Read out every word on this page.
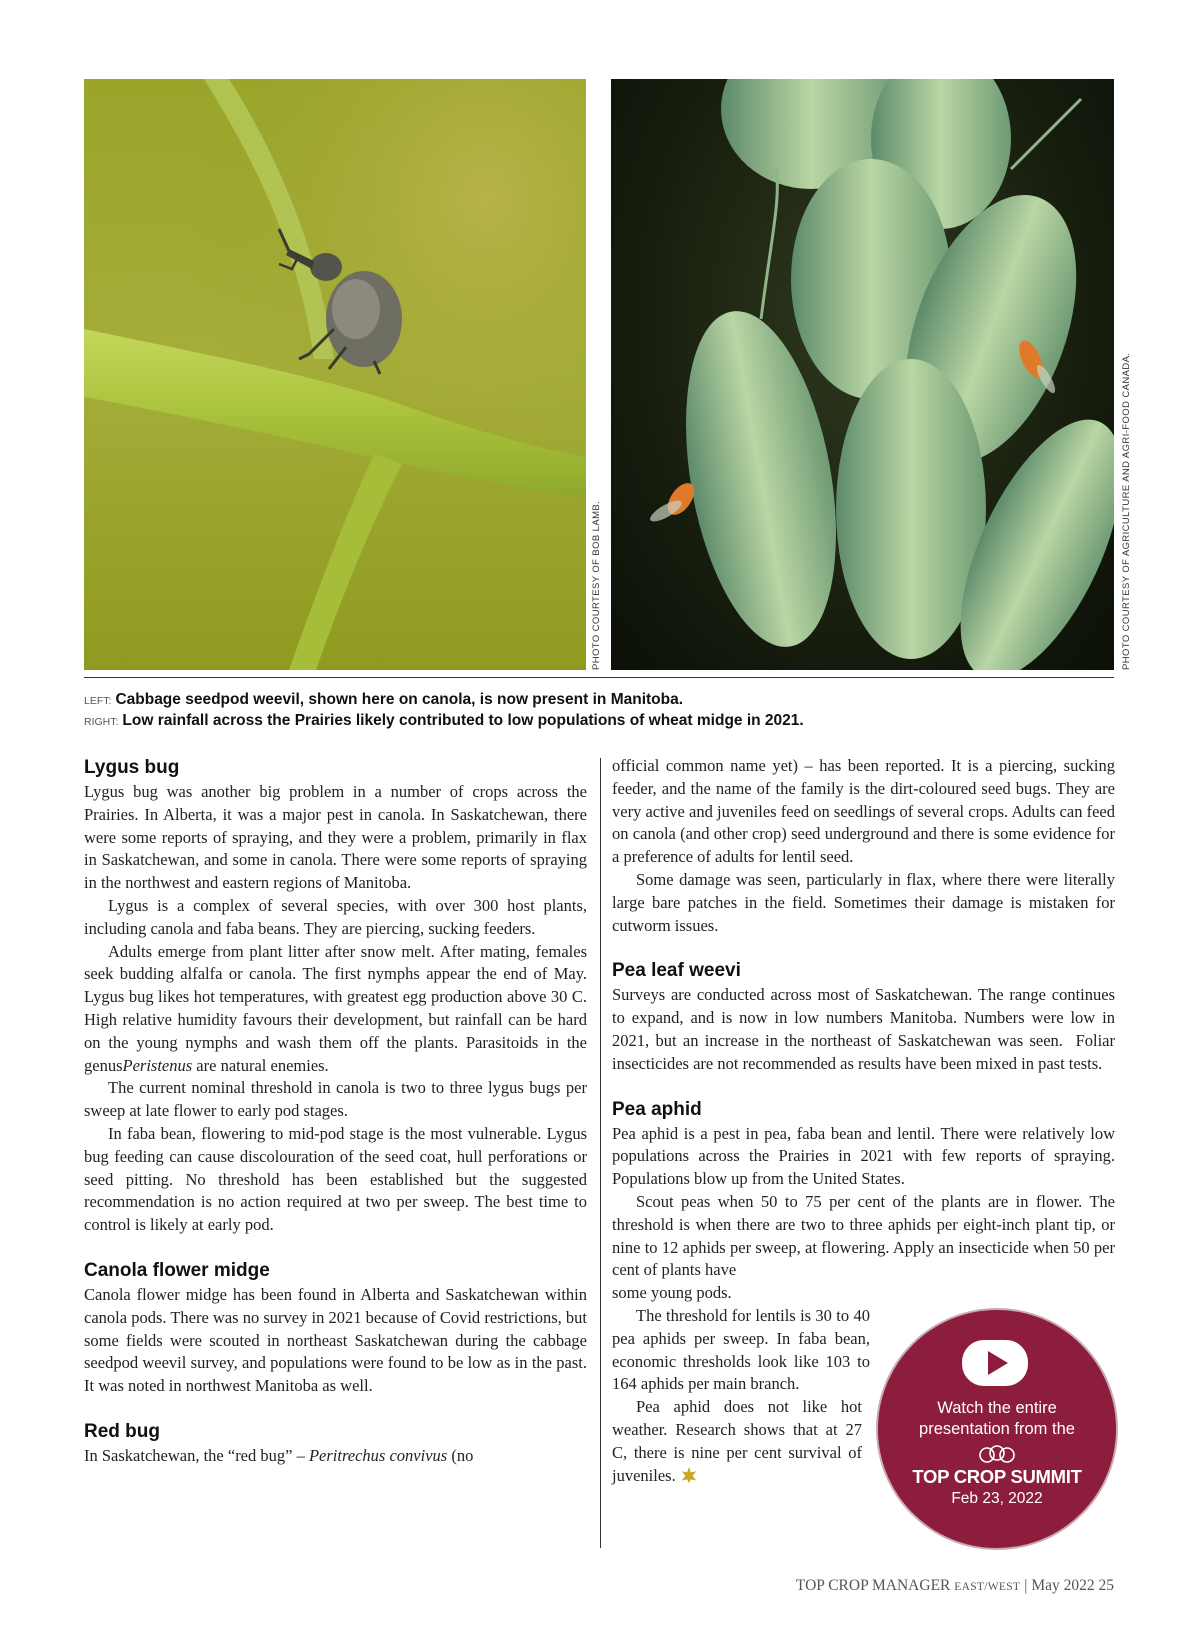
PHOTO COURTESY OF BOB LAMB.	PHOTO COURTESY OF AGRICULTURE AND AGRI-FOOD CANADA.
LEFT: Cabbage seedpod weevil, shown here on canola, is now present in Manitoba.
RIGHT: Low rainfall across the Prairies likely contributed to low populations of wheat midge in 2021.
Lygus bug

Lygus bug was another big problem in a number of crops across the Prairies. In Alberta, it was a major pest in canola. In Saskatchewan, there were some reports of spraying, and they were a problem, primarily in flax in Saskatchewan, and some in canola. There were some reports of spraying in the northwest and eastern regions of Manitoba.

Lygus is a complex of several species, with over 300 host plants, including canola and faba beans. They are piercing, sucking feeders.

Adults emerge from plant litter after snow melt. After mating, females seek budding alfalfa or canola. The first nymphs appear the end of May. Lygus bug likes hot temperatures, with greatest egg production above 30 C. High relative humidity favours their development, but rainfall can be hard on the young nymphs and wash them off the plants. Parasitoids in the genusPeristenus are natural enemies.

The current nominal threshold in canola is two to three lygus bugs per sweep at late flower to early pod stages.

In faba bean, flowering to mid-pod stage is the most vulnerable. Lygus bug feeding can cause discolouration of the seed coat, hull perforations or seed pitting. No threshold has been established but the suggested recommendation is no action required at two per sweep. The best time to control is likely at early pod.

Canola flower midge

Canola flower midge has been found in Alberta and Saskatchewan within canola pods. There was no survey in 2021 because of Covid restrictions, but some fields were scouted in northeast Saskatchewan during the cabbage seedpod weevil survey, and populations were found to be low as in the past. It was noted in northwest Manitoba as well.

Red bug

In Saskatchewan, the “red bug” – Peritrechus convivus (no

official common name yet) – has been reported. It is a piercing, sucking feeder, and the name of the family is the dirt-coloured seed bugs. They are very active and juveniles feed on seedlings of several crops. Adults can feed on canola (and other crop) seed underground and there is some evidence for a preference of adults for lentil seed.

Some damage was seen, particularly in flax, where there were literally large bare patches in the field. Sometimes their damage is mistaken for cutworm issues.

Pea leaf weevi

Surveys are conducted across most of Saskatchewan. The range continues to expand, and is now in low numbers Manitoba. Numbers were low in 2021, but an increase in the northeast of Saskatchewan was seen.  Foliar insecticides are not recommended as results have been mixed in past tests.

Pea aphid

Pea aphid is a pest in pea, faba bean and lentil. There were relatively low populations across the Prairies in 2021 with few reports of spraying. Populations blow up from the United States.

Scout peas when 50 to 75 per cent of the plants are in flower. The threshold is when there are two to three aphids per eight-inch plant tip, or nine to 12 aphids per sweep, at flowering. Apply an insecticide when 50 per cent of plants have

some young pods.

The threshold for lentils is 30 to 40 pea aphids per sweep. In faba bean, economic thresholds look like 103 to 164 aphids per main branch.

Pea aphid does not like hot weather. Research shows that at 27 C, there is nine per cent survival of juveniles.

Watch the entire
presentation from the
TOP CROP SUMMIT
Feb 23, 2022
TOP CROP MANAGER EAST/WEST | May 2022 25
